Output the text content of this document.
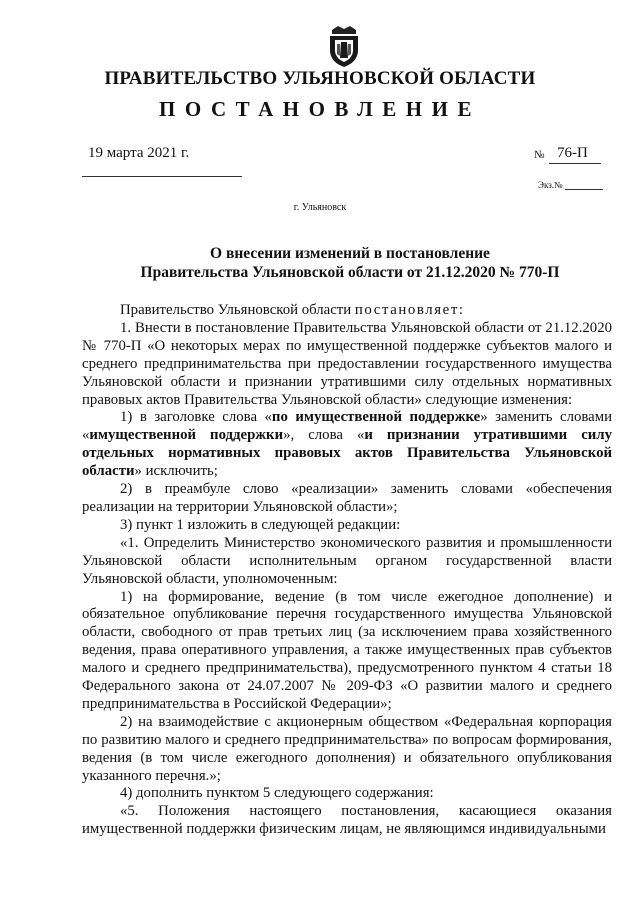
ПРАВИТЕЛЬСТВО УЛЬЯНОВСКОЙ ОБЛАСТИ
ПОСТАНОВЛЕНИЕ
19 марта 2021 г.	№ 76-П
Экз.№
г. Ульяновск
О внесении изменений в постановление
Правительства Ульяновской области от 21.12.2020 № 770-П

Правительство Ульяновской области постановляет:

1. Внести в постановление Правительства Ульяновской области от 21.12.2020 № 770-П «О некоторых мерах по имущественной поддержке субъектов малого и среднего предпринимательства при предоставлении государственного имущества Ульяновской области и признании утратившими силу отдельных нормативных правовых актов Правительства Ульяновской области» следующие изменения:

1) в заголовке слова «по имущественной поддержке» заменить словами «имущественной поддержки», слова «и признании утратившими силу отдельных нормативных правовых актов Правительства Ульяновской области» исключить;

2) в преамбуле слово «реализации» заменить словами «обеспечения реализации на территории Ульяновской области»;

3) пункт 1 изложить в следующей редакции:

«1. Определить Министерство экономического развития и промышленности Ульяновской области исполнительным органом государственной власти Ульяновской области, уполномоченным:

1) на формирование, ведение (в том числе ежегодное дополнение) и обязательное опубликование перечня государственного имущества Ульяновской области, свободного от прав третьих лиц (за исключением права хозяйственного ведения, права оперативного управления, а также имущественных прав субъектов малого и среднего предпринимательства), предусмотренного пунктом 4 статьи 18 Федерального закона от 24.07.2007 № 209-ФЗ «О развитии малого и среднего предпринимательства в Российской Федерации»;

2) на взаимодействие с акционерным обществом «Федеральная корпорация по развитию малого и среднего предпринимательства» по вопросам формирования, ведения (в том числе ежегодного дополнения) и обязательного опубликования указанного перечня.»;

4) дополнить пунктом 5 следующего содержания:

«5. Положения настоящего постановления, касающиеся оказания имущественной поддержки физическим лицам, не являющимся индивидуальными
